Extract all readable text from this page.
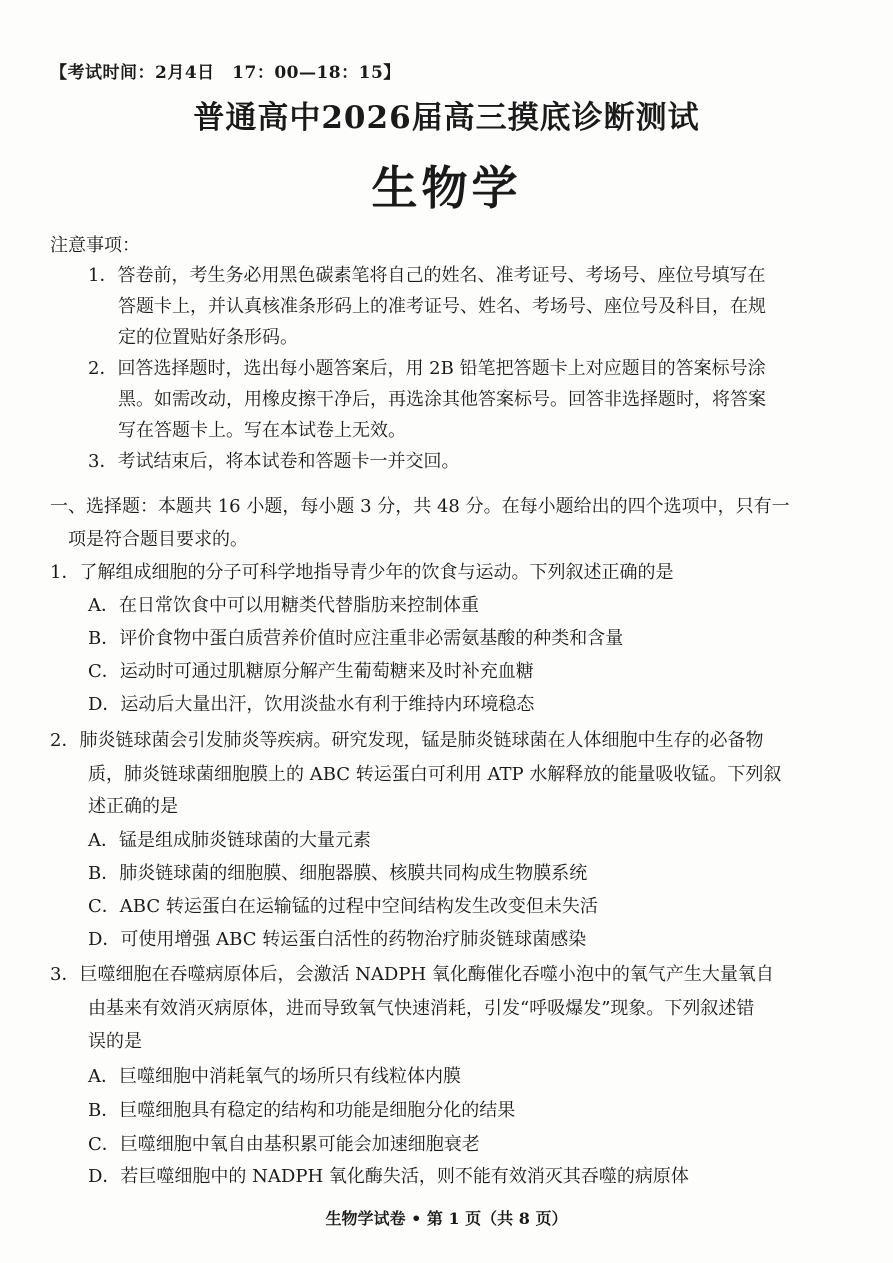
【考试时间：2月4日　17：00—18：15】
普通高中2026届高三摸底诊断测试
生物学
注意事项：
1．答卷前，考生务必用黑色碳素笔将自己的姓名、准考证号、考场号、座位号填写在
答题卡上，并认真核准条形码上的准考证号、姓名、考场号、座位号及科目，在规
定的位置贴好条形码。
2．回答选择题时，选出每小题答案后，用 2B 铅笔把答题卡上对应题目的答案标号涂
黑。如需改动，用橡皮擦干净后，再选涂其他答案标号。回答非选择题时，将答案
写在答题卡上。写在本试卷上无效。
3．考试结束后，将本试卷和答题卡一并交回。
一、选择题：本题共 16 小题，每小题 3 分，共 48 分。在每小题给出的四个选项中，只有一
项是符合题目要求的。
1．了解组成细胞的分子可科学地指导青少年的饮食与运动。下列叙述正确的是
A．在日常饮食中可以用糖类代替脂肪来控制体重
B．评价食物中蛋白质营养价值时应注重非必需氨基酸的种类和含量
C．运动时可通过肌糖原分解产生葡萄糖来及时补充血糖
D．运动后大量出汗，饮用淡盐水有利于维持内环境稳态
2．肺炎链球菌会引发肺炎等疾病。研究发现，锰是肺炎链球菌在人体细胞中生存的必备物
质，肺炎链球菌细胞膜上的 ABC 转运蛋白可利用 ATP 水解释放的能量吸收锰。下列叙
述正确的是
A．锰是组成肺炎链球菌的大量元素
B．肺炎链球菌的细胞膜、细胞器膜、核膜共同构成生物膜系统
C．ABC 转运蛋白在运输锰的过程中空间结构发生改变但未失活
D．可使用增强 ABC 转运蛋白活性的药物治疗肺炎链球菌感染
3．巨噬细胞在吞噬病原体后，会激活 NADPH 氧化酶催化吞噬小泡中的氧气产生大量氧自
由基来有效消灭病原体，进而导致氧气快速消耗，引发“呼吸爆发”现象。下列叙述错
误的是
A．巨噬细胞中消耗氧气的场所只有线粒体内膜
B．巨噬细胞具有稳定的结构和功能是细胞分化的结果
C．巨噬细胞中氧自由基积累可能会加速细胞衰老
D．若巨噬细胞中的 NADPH 氧化酶失活，则不能有效消灭其吞噬的病原体
生物学试卷 • 第 1 页（共 8 页）
